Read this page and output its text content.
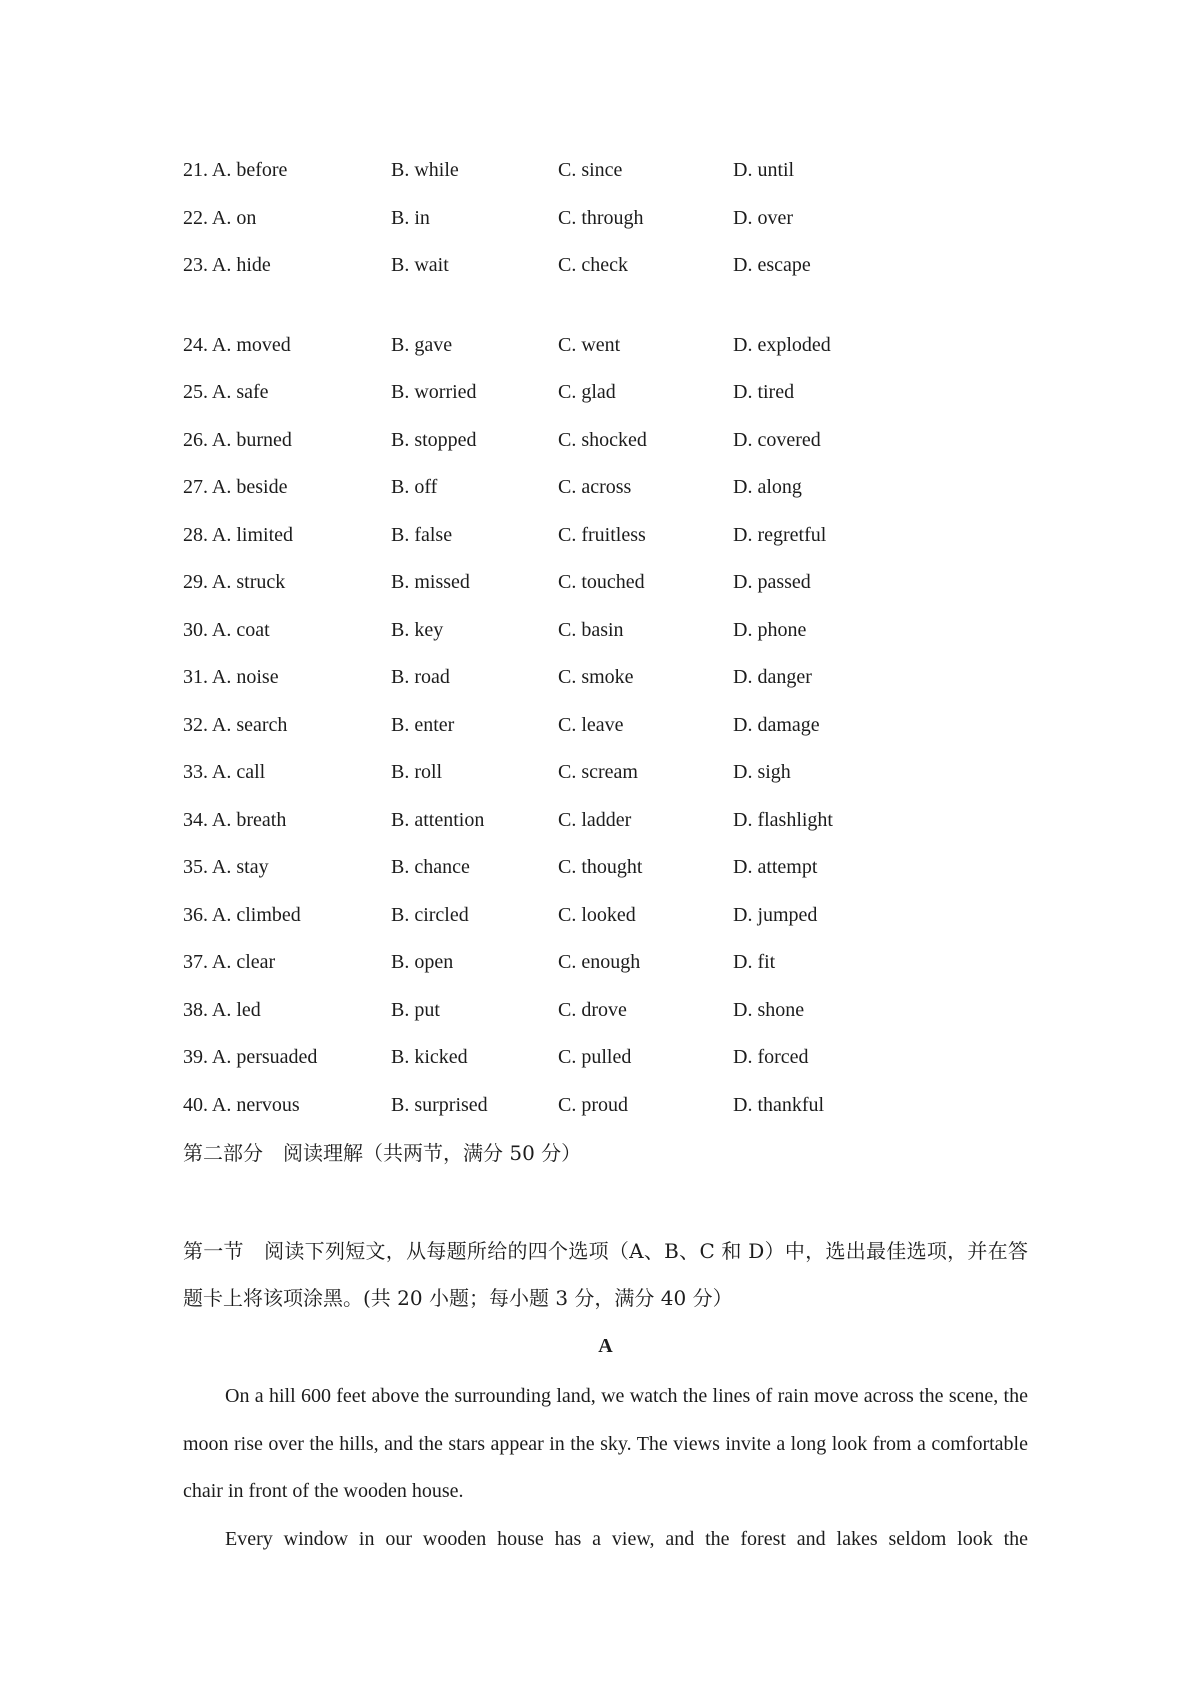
21. A. before	B. while	C. since	D. until
22. A. on	B. in	C. through	D. over
23. A. hide	B. wait	C. check	D. escape
24. A. moved	B. gave	C. went	D. exploded
25. A. safe	B. worried	C. glad	D. tired
26. A. burned	B. stopped	C. shocked	D. covered
27. A. beside	B. off	C. across	D. along
28. A. limited	B. false	C. fruitless	D. regretful
29. A. struck	B. missed	C. touched	D. passed
30. A. coat	B. key	C. basin	D. phone
31. A. noise	B. road	C. smoke	D. danger
32. A. search	B. enter	C. leave	D. damage
33. A. call	B. roll	C. scream	D. sigh
34. A. breath	B. attention	C. ladder	D. flashlight
35. A. stay	B. chance	C. thought	D. attempt
36. A. climbed	B. circled	C. looked	D. jumped
37. A. clear	B. open	C. enough	D. fit
38. A. led	B. put	C. drove	D. shone
39. A. persuaded	B. kicked	C. pulled	D. forced
40. A. nervous	B. surprised	C. proud	D. thankful
第二部分　阅读理解（共两节，满分 50 分）
第一节　阅读下列短文，从每题所给的四个选项（A、B、C 和 D）中，选出最佳选项，并在答题卡上将该项涂黑。(共 20 小题；每小题 3 分，满分 40 分）
A

On a hill 600 feet above the surrounding land, we watch the lines of rain move across the scene, the moon rise over the hills, and the stars appear in the sky. The views invite a long look from a comfortable chair in front of the wooden house.

Every window in our wooden house has a view, and the forest and lakes seldom look the
